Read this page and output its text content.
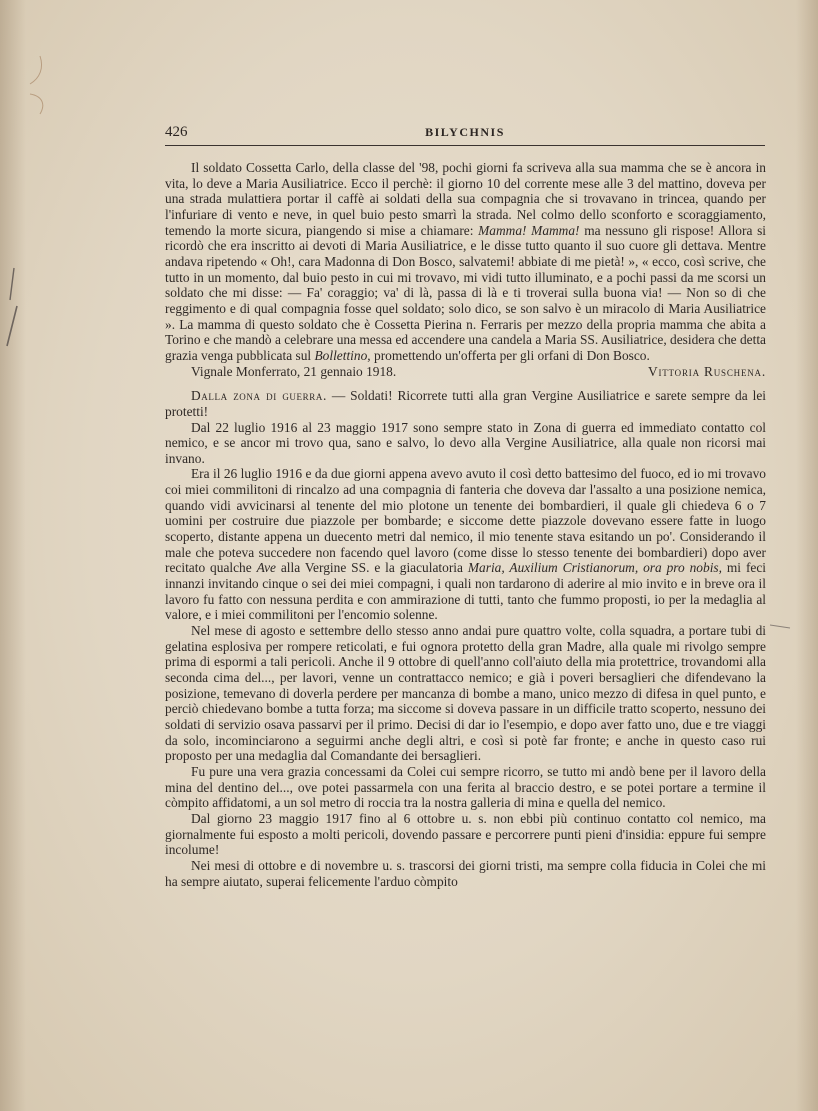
426	BILYCHNIS

Il soldato Cossetta Carlo, della classe del '98, pochi giorni fa scriveva alla sua mamma che se è ancora in vita, lo deve a Maria Ausiliatrice. Ecco il perchè: il giorno 10 del corrente mese alle 3 del mattino, doveva per una strada mulattiera portar il caffè ai soldati della sua compagnia che si trovavano in trincea, quando per l'infuriare di vento e neve, in quel buio pesto smarrì la strada. Nel colmo dello sconforto e scoraggiamento, temendo la morte sicura, piangendo si mise a chiamare: Mamma! Mamma! ma nessuno gli rispose! Allora si ricordò che era inscritto ai devoti di Maria Ausiliatrice, e le disse tutto quanto il suo cuore gli dettava. Mentre andava ripetendo « Oh!, cara Madonna di Don Bosco, salvatemi! abbiate di me pietà! », « ecco, così scrive, che tutto in un momento, dal buio pesto in cui mi trovavo, mi vidi tutto illuminato, e a pochi passi da me scorsi un soldato che mi disse: — Fa' coraggio; va' di là, passa di là e ti troverai sulla buona via! — Non so di che reggimento e di qual compagnia fosse quel soldato; solo dico, se son salvo è un miracolo di Maria Ausiliatrice ». La mamma di questo soldato che è Cossetta Pierina n. Ferraris per mezzo della propria mamma che abita a Torino e che mandò a celebrare una messa ed accendere una candela a Maria SS. Ausiliatrice, desidera che detta grazia venga pubblicata sul Bollettino, promettendo un'offerta per gli orfani di Don Bosco.

Vignale Monferrato, 21 gennaio 1918.	Vittoria Ruschena.

Dalla zona di guerra. — Soldati! Ricorrete tutti alla gran Vergine Ausiliatrice e sarete sempre da lei protetti!

Dal 22 luglio 1916 al 23 maggio 1917 sono sempre stato in Zona di guerra ed immediato contatto col nemico, e se ancor mi trovo qua, sano e salvo, lo devo alla Vergine Ausiliatrice, alla quale non ricorsi mai invano.

Era il 26 luglio 1916 e da due giorni appena avevo avuto il così detto battesimo del fuoco, ed io mi trovavo coi miei commilitoni di rincalzo ad una compagnia di fanteria che doveva dar l'assalto a una posizione nemica, quando vidi avvicinarsi al tenente del mio plotone un tenente dei bombardieri, il quale gli chiedeva 6 o 7 uomini per costruire due piazzole per bombarde; e siccome dette piazzole dovevano essere fatte in luogo scoperto, distante appena un duecento metri dal nemico, il mio tenente stava esitando un po'. Considerando il male che poteva succedere non facendo quel lavoro (come disse lo stesso tenente dei bombardieri) dopo aver recitato qualche Ave alla Vergine SS. e la giaculatoria Maria, Auxilium Cristianorum, ora pro nobis, mi feci innanzi invitando cinque o sei dei miei compagni, i quali non tardarono di aderire al mio invito e in breve ora il lavoro fu fatto con nessuna perdita e con ammirazione di tutti, tanto che fummo proposti, io per la medaglia al valore, e i miei commilitoni per l'encomio solenne.

Nel mese di agosto e settembre dello stesso anno andai pure quattro volte, colla squadra, a portare tubi di gelatina esplosiva per rompere reticolati, e fui ognora protetto della gran Madre, alla quale mi rivolgo sempre prima di espormi a tali pericoli. Anche il 9 ottobre di quell'anno coll'aiuto della mia protettrice, trovandomi alla seconda cima del..., per lavori, venne un contrattacco nemico; e già i poveri bersaglieri che difendevano la posizione, temevano di doverla perdere per mancanza di bombe a mano, unico mezzo di difesa in quel punto, e perciò chiedevano bombe a tutta forza; ma siccome si doveva passare in un difficile tratto scoperto, nessuno dei soldati di servizio osava passarvi per il primo. Decisi di dar io l'esempio, e dopo aver fatto uno, due e tre viaggi da solo, incominciarono a seguirmi anche degli altri, e così si potè far fronte; e anche in questo caso rui proposto per una medaglia dal Comandante dei bersaglieri.

Fu pure una vera grazia concessami da Colei cui sempre ricorro, se tutto mi andò bene per il lavoro della mina del dentino del..., ove potei passarmela con una ferita al braccio destro, e se potei portare a termine il còmpito affidatomi, a un sol metro di roccia tra la nostra galleria di mina e quella del nemico.

Dal giorno 23 maggio 1917 fino al 6 ottobre u. s. non ebbi più continuo contatto col nemico, ma giornalmente fui esposto a molti pericoli, dovendo passare e percorrere punti pieni d'insidia: eppure fui sempre incolume!

Nei mesi di ottobre e di novembre u. s. trascorsi dei giorni tristi, ma sempre colla fiducia in Colei che mi ha sempre aiutato, superai felicemente l'arduo còmpito
